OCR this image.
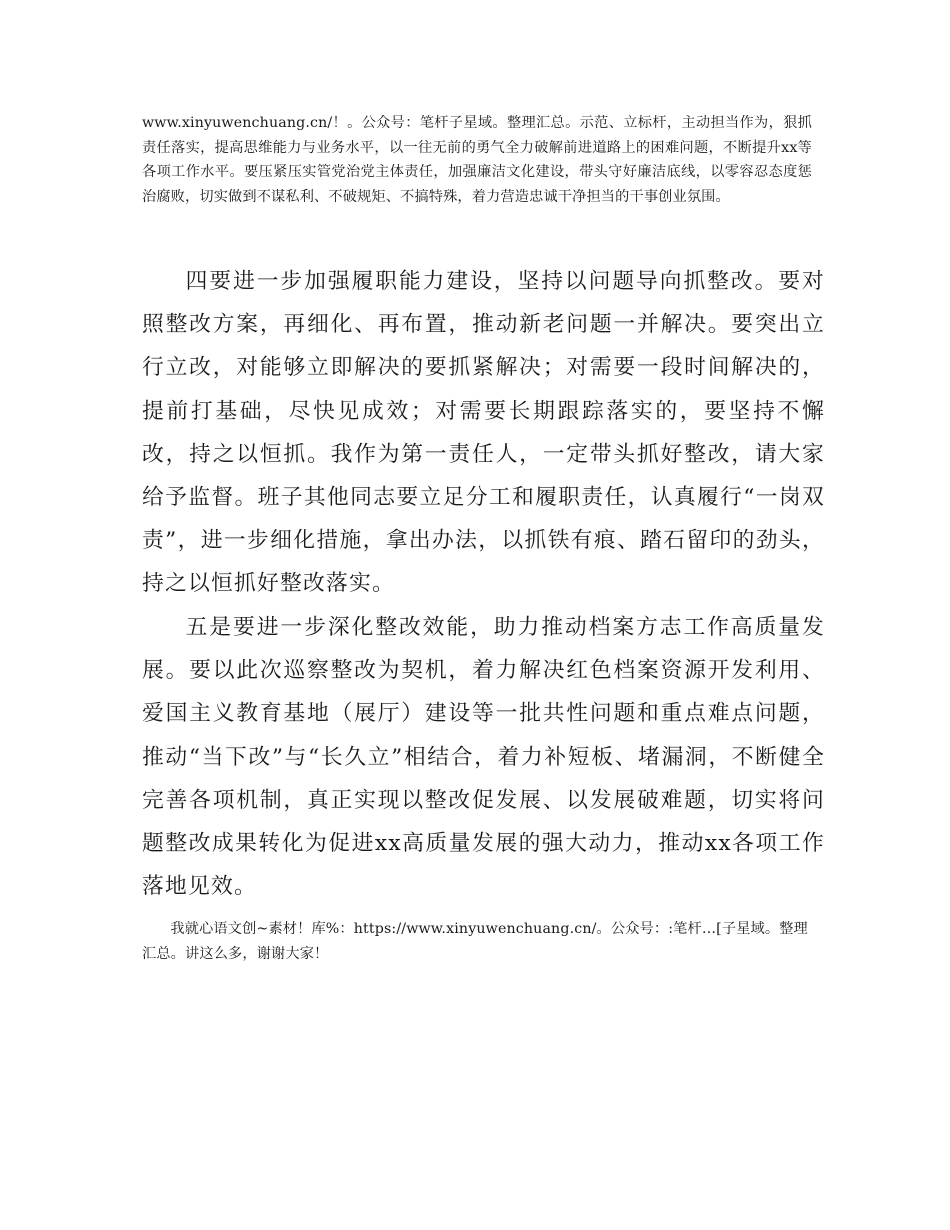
www.xinyuwenchuang.cn/！。公众号：笔杆子星域。整理汇总。示范、立标杆，主动担当作为，狠抓责任落实，提高思维能力与业务水平，以一往无前的勇气全力破解前进道路上的困难问题，不断提升xx等各项工作水平。要压紧压实管党治党主体责任，加强廉洁文化建设，带头守好廉洁底线，以零容忍态度惩治腐败，切实做到不谋私利、不破规矩、不搞特殊，着力营造忠诚干净担当的干事创业氛围。

四要进一步加强履职能力建设，坚持以问题导向抓整改。要对照整改方案，再细化、再布置，推动新老问题一并解决。要突出立行立改，对能够立即解决的要抓紧解决；对需要一段时间解决的，提前打基础，尽快见成效；对需要长期跟踪落实的，要坚持不懈改，持之以恒抓。我作为第一责任人，一定带头抓好整改，请大家给予监督。班子其他同志要立足分工和履职责任，认真履行“一岗双责”，进一步细化措施，拿出办法，以抓铁有痕、踏石留印的劲头，持之以恒抓好整改落实。

五是要进一步深化整改效能，助力推动档案方志工作高质量发展。要以此次巡察整改为契机，着力解决红色档案资源开发利用、爱国主义教育基地（展厅）建设等一批共性问题和重点难点问题，推动“当下改”与“长久立”相结合，着力补短板、堵漏洞，不断健全完善各项机制，真正实现以整改促发展、以发展破难题，切实将问题整改成果转化为促进xx高质量发展的强大动力，推动xx各项工作落地见效。

我就心语文创~素材！库%：https://www.xinyuwenchuang.cn/。公众号：:笔杆…[子星域。整理汇总。讲这么多，谢谢大家！
